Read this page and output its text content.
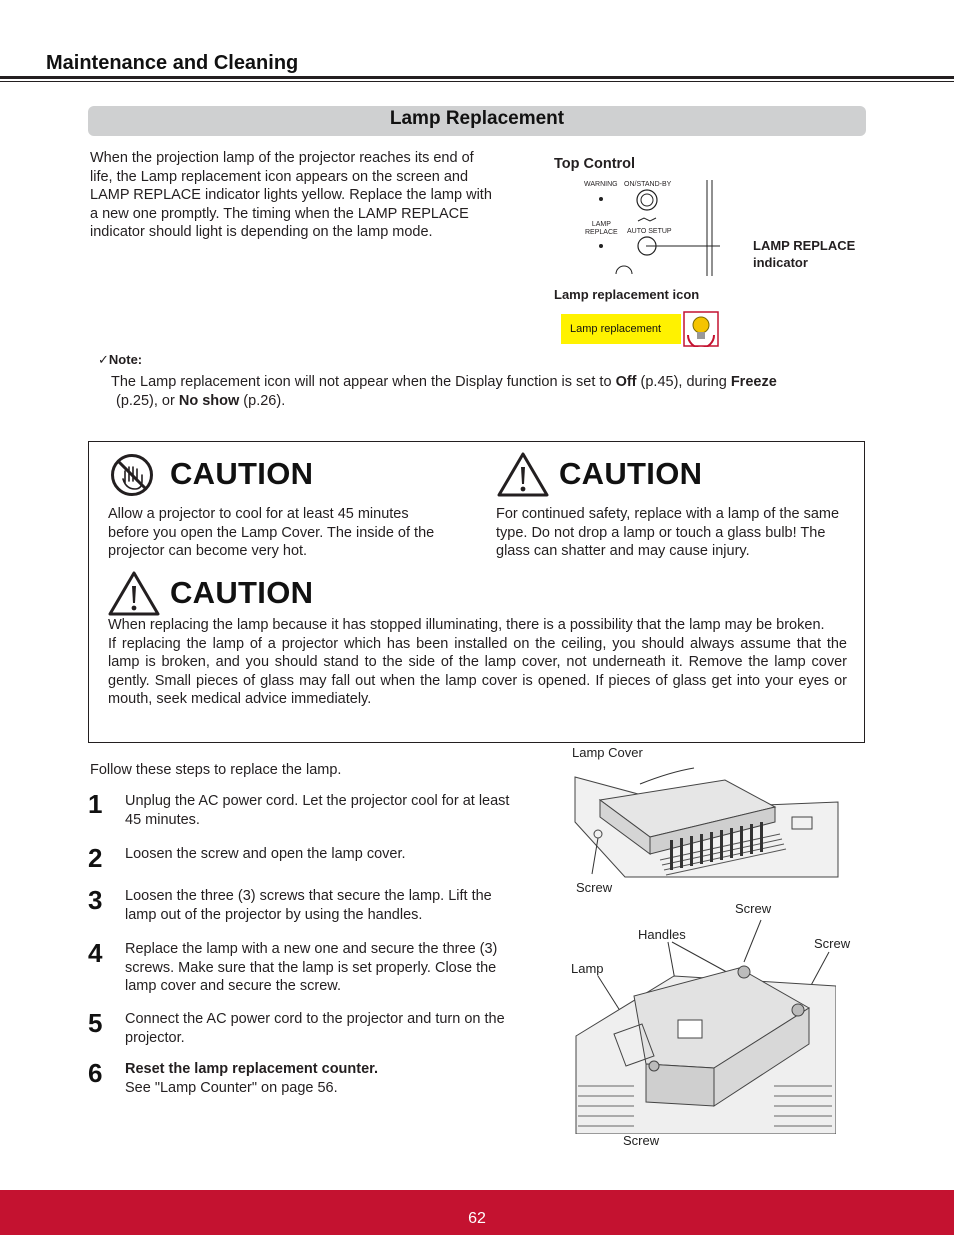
Maintenance and Cleaning
Lamp Replacement
When the projection lamp of the projector reaches its end of life, the Lamp replacement icon appears on the screen and LAMP REPLACE indicator lights yellow. Replace the lamp with a new one promptly. The timing when the LAMP REPLACE indicator should light is depending on the lamp mode.
Top Control
WARNING ON/STAND-BY
LAMP
REPLACE AUTO SETUP
LAMP REPLACE
indicator
Lamp replacement icon
Lamp replacement
✓Note:
The Lamp replacement icon will not appear when the Display function is set to Off (p.45), during Freeze
(p.25), or No show (p.26).
CAUTION
Allow a projector to cool for at least 45 minutes before you open the Lamp Cover. The inside of the projector can become very hot.
CAUTION
For continued safety, replace with a lamp of the same type. Do not drop a lamp or touch a glass bulb! The glass can shatter and may cause injury.
CAUTION
When replacing the lamp because it has stopped illuminating, there is a possibility that the lamp may be broken.
If replacing the lamp of a projector which has been installed on the ceiling, you should always assume that the lamp is broken, and you should stand to the side of the lamp cover, not underneath it. Remove the lamp cover gently. Small pieces of glass may fall out when the lamp cover is opened. If pieces of glass get into your eyes or mouth, seek medical advice immediately.
Follow these steps to replace the lamp.
1 Unplug the AC power cord. Let the projector cool for at least 45 minutes.
2 Loosen the screw and open the lamp cover.
3 Loosen the three (3) screws that secure the lamp. Lift the lamp out of the projector by using the handles.
4 Replace the lamp with a new one and secure the three (3) screws. Make sure that the lamp is set properly. Close the lamp cover and secure the screw.
5 Connect the AC power cord to the projector and turn on the projector.
6 Reset the lamp replacement counter.
See "Lamp Counter" on page 56.
Lamp Cover
Screw
Screw
Handles
Screw
Lamp
Screw
62
